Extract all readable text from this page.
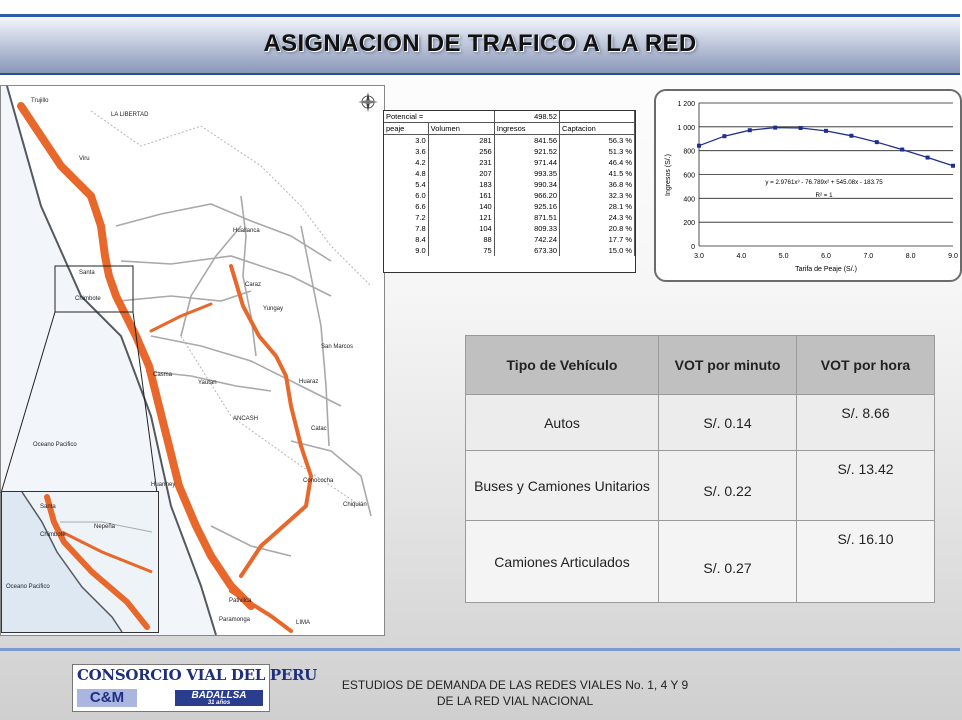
ASIGNACION DE TRAFICO A LA RED
Trujillo
LA LIBERTAD
Viru
Santa
Chimbote
Huallanca
Caraz
Yungay
San Marcos
Huaraz
Yautan
ANCASH
Casma
Oceano Pacifico
Catac
Huarmey
Conococha
Chiquián
Pativilca
Paramonga	LIMA
Santa
Chimbote
Oceano Pacifico
Nepeña
Potencial =		498.52	
peaje	Volumen	Ingresos	Captacion
3.0	281	841.56	56.3 %
3.6	256	921.52	51.3 %
4.2	231	971.44	46.4 %
4.8	207	993.35	41.5 %
5.4	183	990.34	36.8 %
6.0	161	966.20	32.3 %
6.6	140	925.16	28.1 %
7.2	121	871.51	24.3 %
7.8	104	809.33	20.8 %
8.4	88	742.24	17.7 %
9.0	75	673.30	15.0 %	0
200
400
600
800
1 000
1 200
3.0	4.0	5.0	6.0	7.0	8.0	9.0
y = 2.9761x³ - 76.789x² + 545.08x - 183.75
R² = 1
Tarifa de Peaje (S/.)
Ingresos (S/.)
Tipo de Vehículo	VOT por minuto	VOT por hora
Autos	S/. 0.14	S/. 8.66
Buses y Camiones Unitarios	S/. 0.22	S/. 13.42
Camiones Articulados	S/. 0.27	S/. 16.10
CONSORCIO VIAL DEL PERU
C&M	BADALLSA
31 años
ESTUDIOS DE DEMANDA DE LAS REDES VIALES No. 1, 4 Y 9
DE LA RED VIAL NACIONAL
